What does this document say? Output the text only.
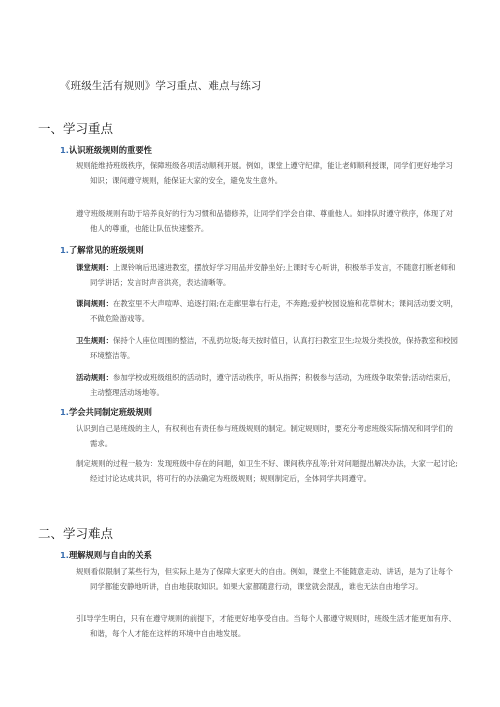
《班级生活有规则》学习重点、难点与练习
一、学习重点
1.认识班级规则的重要性
规则能维持班级秩序，保障班级各项活动顺利开展。例如，课堂上遵守纪律，能让老师顺利授课，同学们更好地学习知识；课间遵守规则，能保证大家的安全，避免发生意外。
遵守班级规则有助于培养良好的行为习惯和品德修养，让同学们学会自律、尊重他人。如排队时遵守秩序，体现了对他人的尊重，也能让队伍快速整齐。
1.了解常见的班级规则
课堂规则：上课铃响后迅速进教室，摆放好学习用品并安静坐好;上课时专心听讲，积极举手发言，不随意打断老师和同学讲话；发言时声音洪亮，表达清晰等。
课间规则：在教室里不大声喧哗、追逐打闹;在走廊里靠右行走，不奔跑;爱护校园设施和花草树木；课间活动要文明，不做危险游戏等。
卫生规则：保持个人座位周围的整洁，不乱扔垃圾;每天按时值日，认真打扫教室卫生;垃圾分类投放，保持教室和校园环境整洁等。
活动规则：参加学校或班级组织的活动时，遵守活动秩序，听从指挥；积极参与活动，为班级争取荣誉;活动结束后，主动整理活动场地等。
1.学会共同制定班级规则
认识到自己是班级的主人，有权利也有责任参与班级规则的制定。制定规则时，要充分考虑班级实际情况和同学们的需求。
制定规则的过程一般为：发现班级中存在的问题，如卫生不好、课间秩序乱等;针对问题提出解决办法，大家一起讨论;经过讨论达成共识，将可行的办法确定为班级规则；规则制定后，全体同学共同遵守。
二、学习难点
1.理解规则与自由的关系
规则看似限制了某些行为，但实际上是为了保障大家更大的自由。例如，课堂上不能随意走动、讲话，是为了让每个同学都能安静地听讲，自由地获取知识。如果大家都随意行动，课堂就会混乱，谁也无法自由地学习。
引I导学生明白，只有在遵守规则的前提下，才能更好地享受自由。当每个人都遵守规则时，班级生活才能更加有序、和谐，每个人才能在这样的环境中自由地发展。
